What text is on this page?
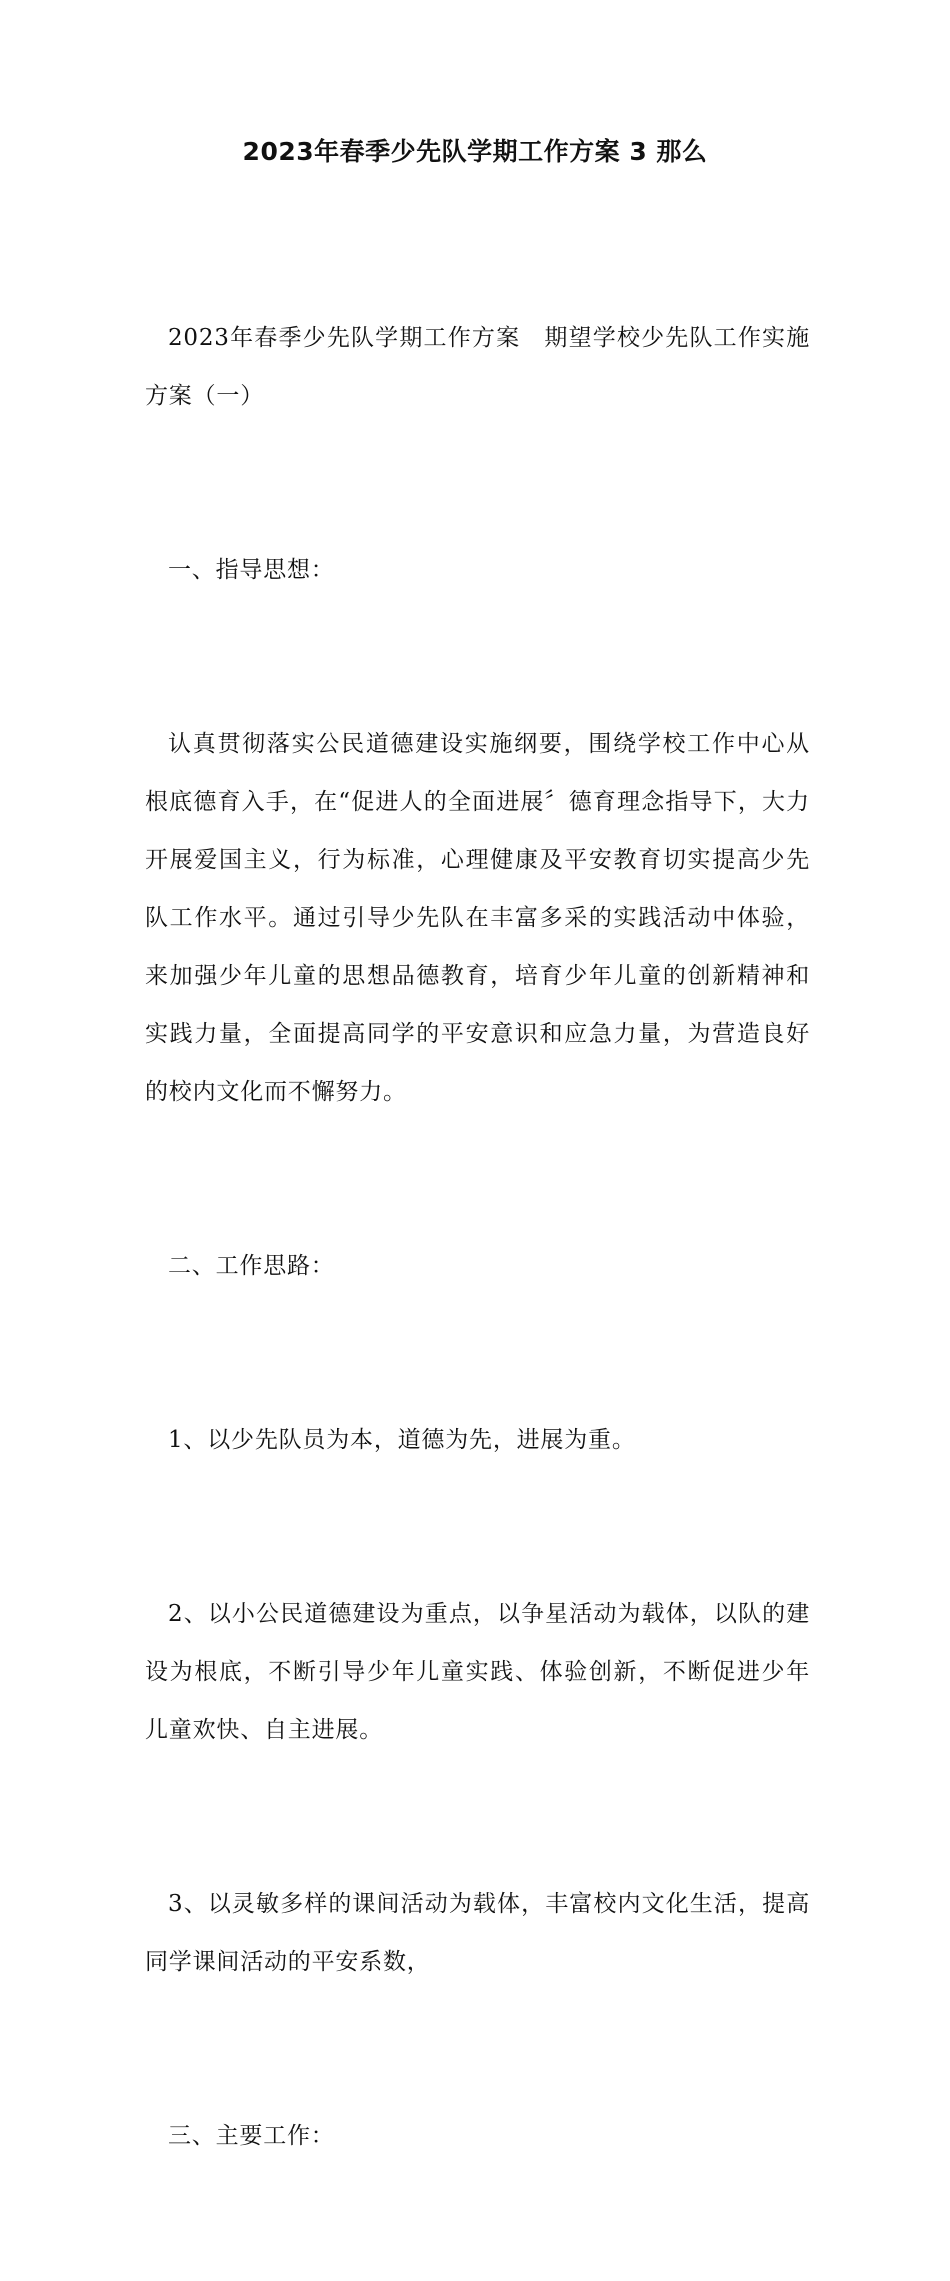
2023年春季少先队学期工作方案 3 那么

2023年春季少先队学期工作方案　期望学校少先队工作实施方案（一）

一、指导思想：

认真贯彻落实公民道德建设实施纲要，围绕学校工作中心从根底德育入手，在“促进人的全面进展〞德育理念指导下，大力开展爱国主义，行为标准，心理健康及平安教育切实提高少先队工作水平。通过引导少先队在丰富多采的实践活动中体验，来加强少年儿童的思想品德教育，培育少年儿童的创新精神和实践力量，全面提高同学的平安意识和应急力量，为营造良好的校内文化而不懈努力。

二、工作思路：

1、以少先队员为本，道德为先，进展为重。

2、以小公民道德建设为重点，以争星活动为载体，以队的建设为根底，不断引导少年儿童实践、体验创新，不断促进少年儿童欢快、自主进展。

3、以灵敏多样的课间活动为载体，丰富校内文化生活，提高同学课间活动的平安系数，

三、主要工作：
